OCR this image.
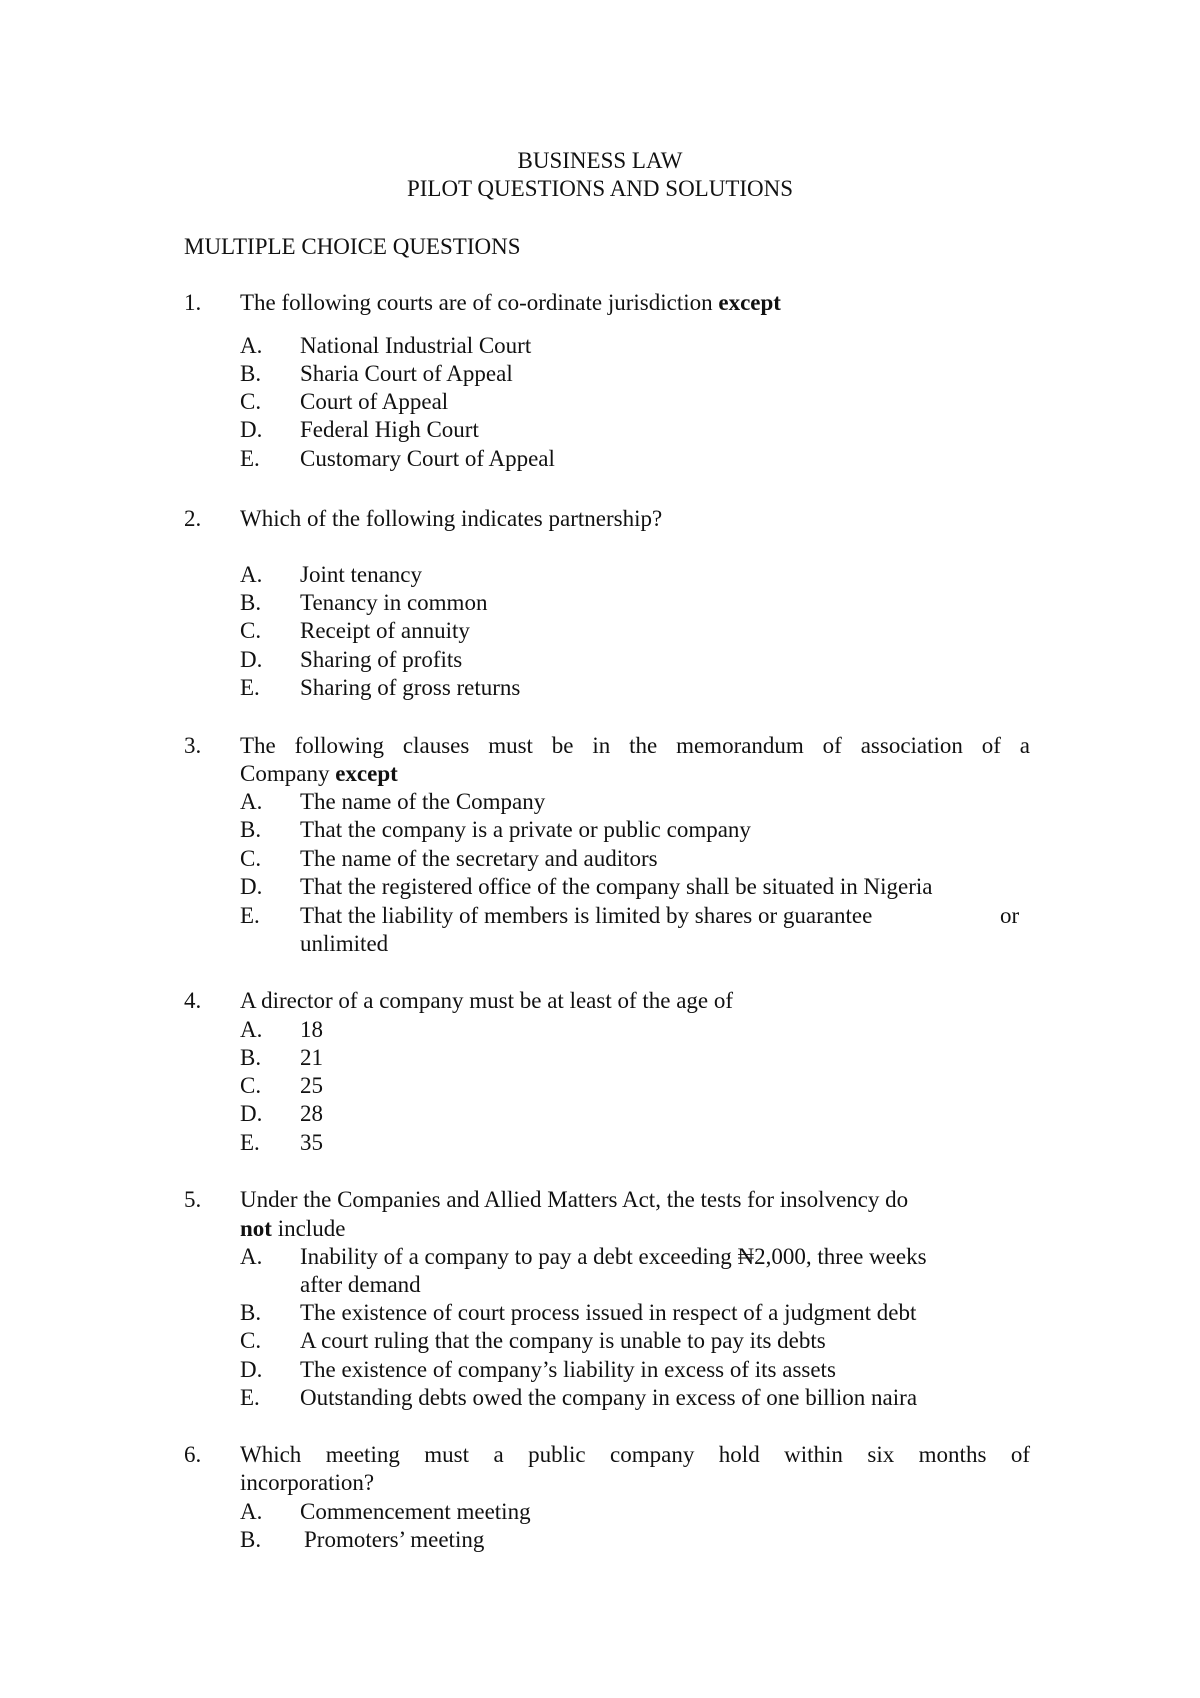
BUSINESS LAW
PILOT QUESTIONS AND SOLUTIONS
MULTIPLE CHOICE QUESTIONS
1. The following courts are of co-ordinate jurisdiction except
A. National Industrial Court
B. Sharia Court of Appeal
C. Court of Appeal
D. Federal High Court
E. Customary Court of Appeal
2. Which of the following indicates partnership?
A. Joint tenancy
B. Tenancy in common
C. Receipt of annuity
D. Sharing of profits
E. Sharing of gross returns
3. The following clauses must be in the memorandum of association of a
Company except
A. The name of the Company
B. That the company is a private or public company
C. The name of the secretary and auditors
D. That the registered office of the company shall be situated in Nigeria
E. That the liability of members is limited by shares or guarantee	or
unlimited
4. A director of a company must be at least of the age of
A. 18
B. 21
C. 25
D. 28
E. 35
5. Under the Companies and Allied Matters Act, the tests for insolvency do
not include
A. Inability of a company to pay a debt exceeding ₦2,000, three weeks
after demand
B. The existence of court process issued in respect of a judgment debt
C. A court ruling that the company is unable to pay its debts
D. The existence of company’s liability in excess of its assets
E. Outstanding debts owed the company in excess of one billion naira
6. Which meeting must a public company hold within six months of
incorporation?
A. Commencement meeting
B. Promoters’ meeting
